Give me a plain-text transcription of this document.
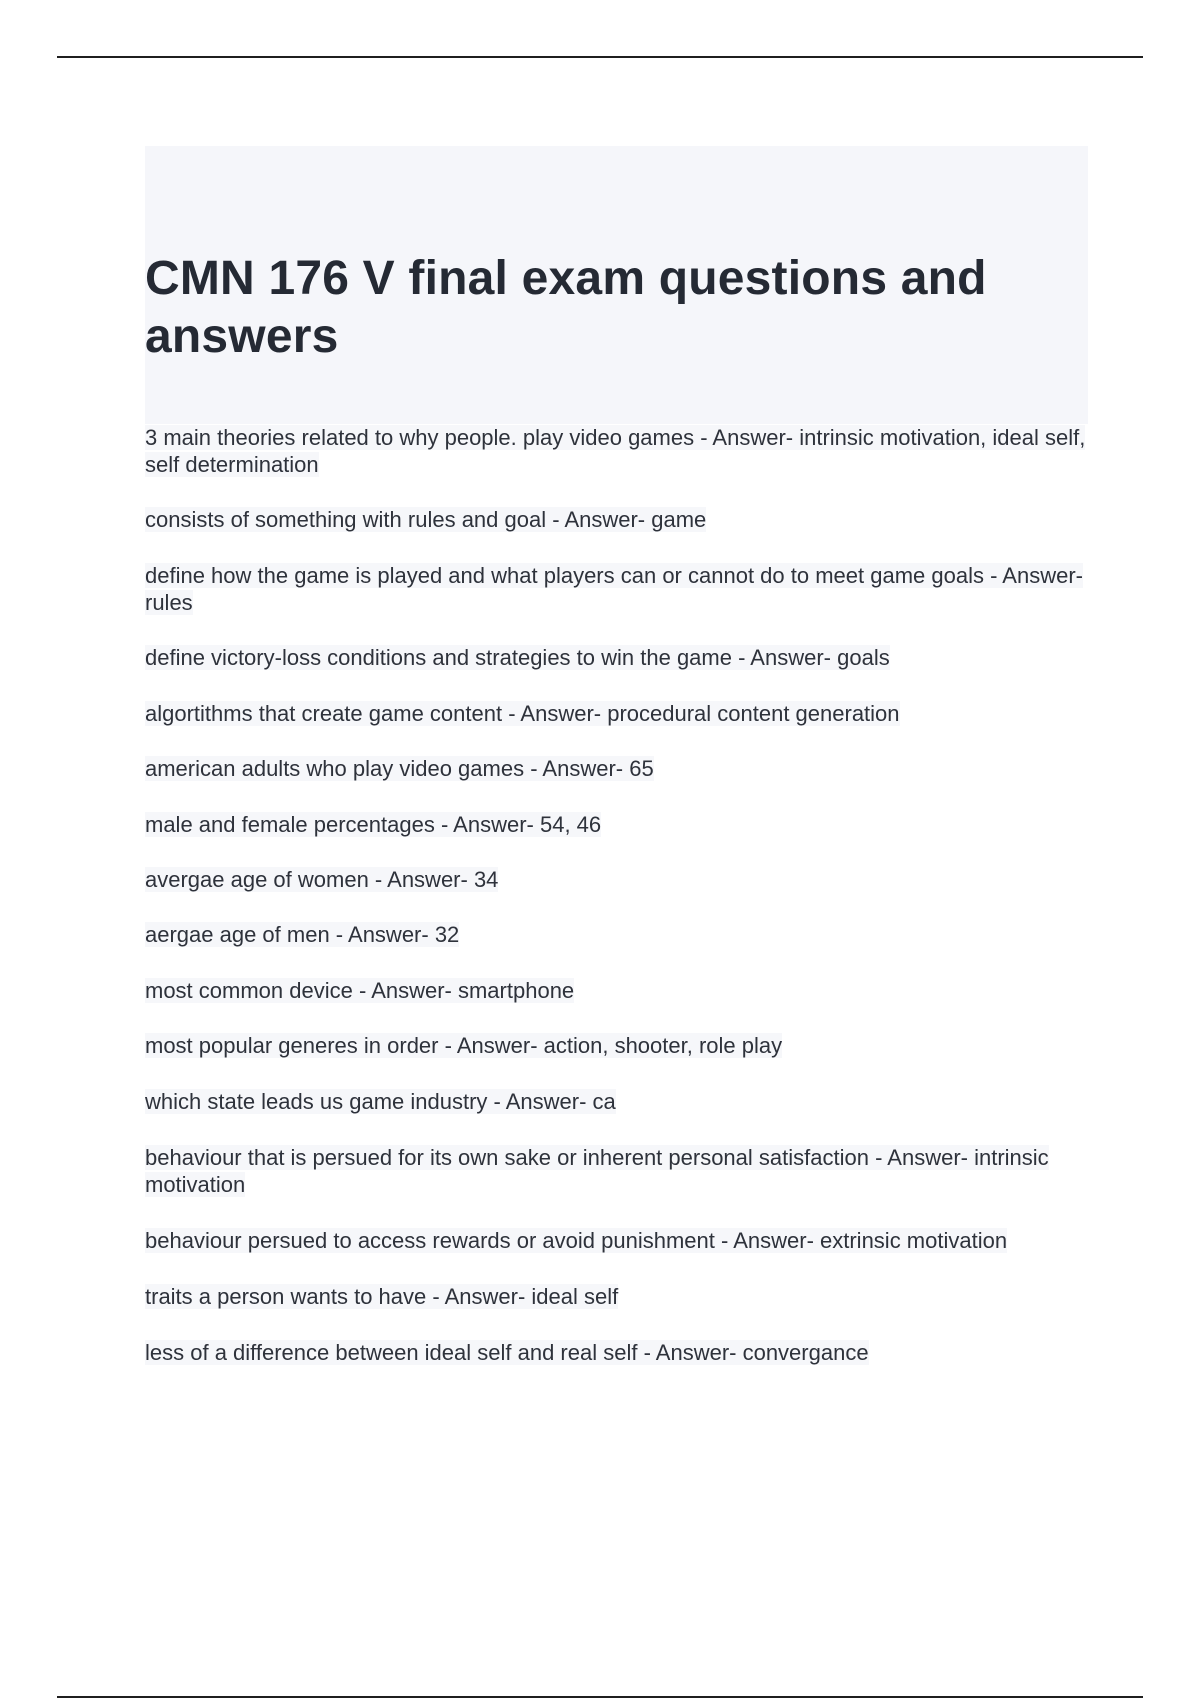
CMN 176 V final exam questions and answers
3 main theories related to why people. play video games - Answer- intrinsic motivation, ideal self, self determination
consists of something with rules and goal - Answer- game
define how the game is played and what players can or cannot do to meet game goals - Answer- rules
define victory-loss conditions and strategies to win the game - Answer- goals
algortithms that create game content - Answer- procedural content generation
american adults who play video games - Answer- 65
male and female percentages - Answer- 54, 46
avergae age of women - Answer- 34
aergae age of men - Answer- 32
most common device - Answer- smartphone
most popular generes in order - Answer- action, shooter, role play
which state leads us game industry - Answer- ca
behaviour that is persued for its own sake or inherent personal satisfaction - Answer- intrinsic motivation
behaviour persued to access rewards or avoid punishment - Answer- extrinsic motivation
traits a person wants to have - Answer- ideal self
less of a difference between ideal self and real self - Answer- convergance
